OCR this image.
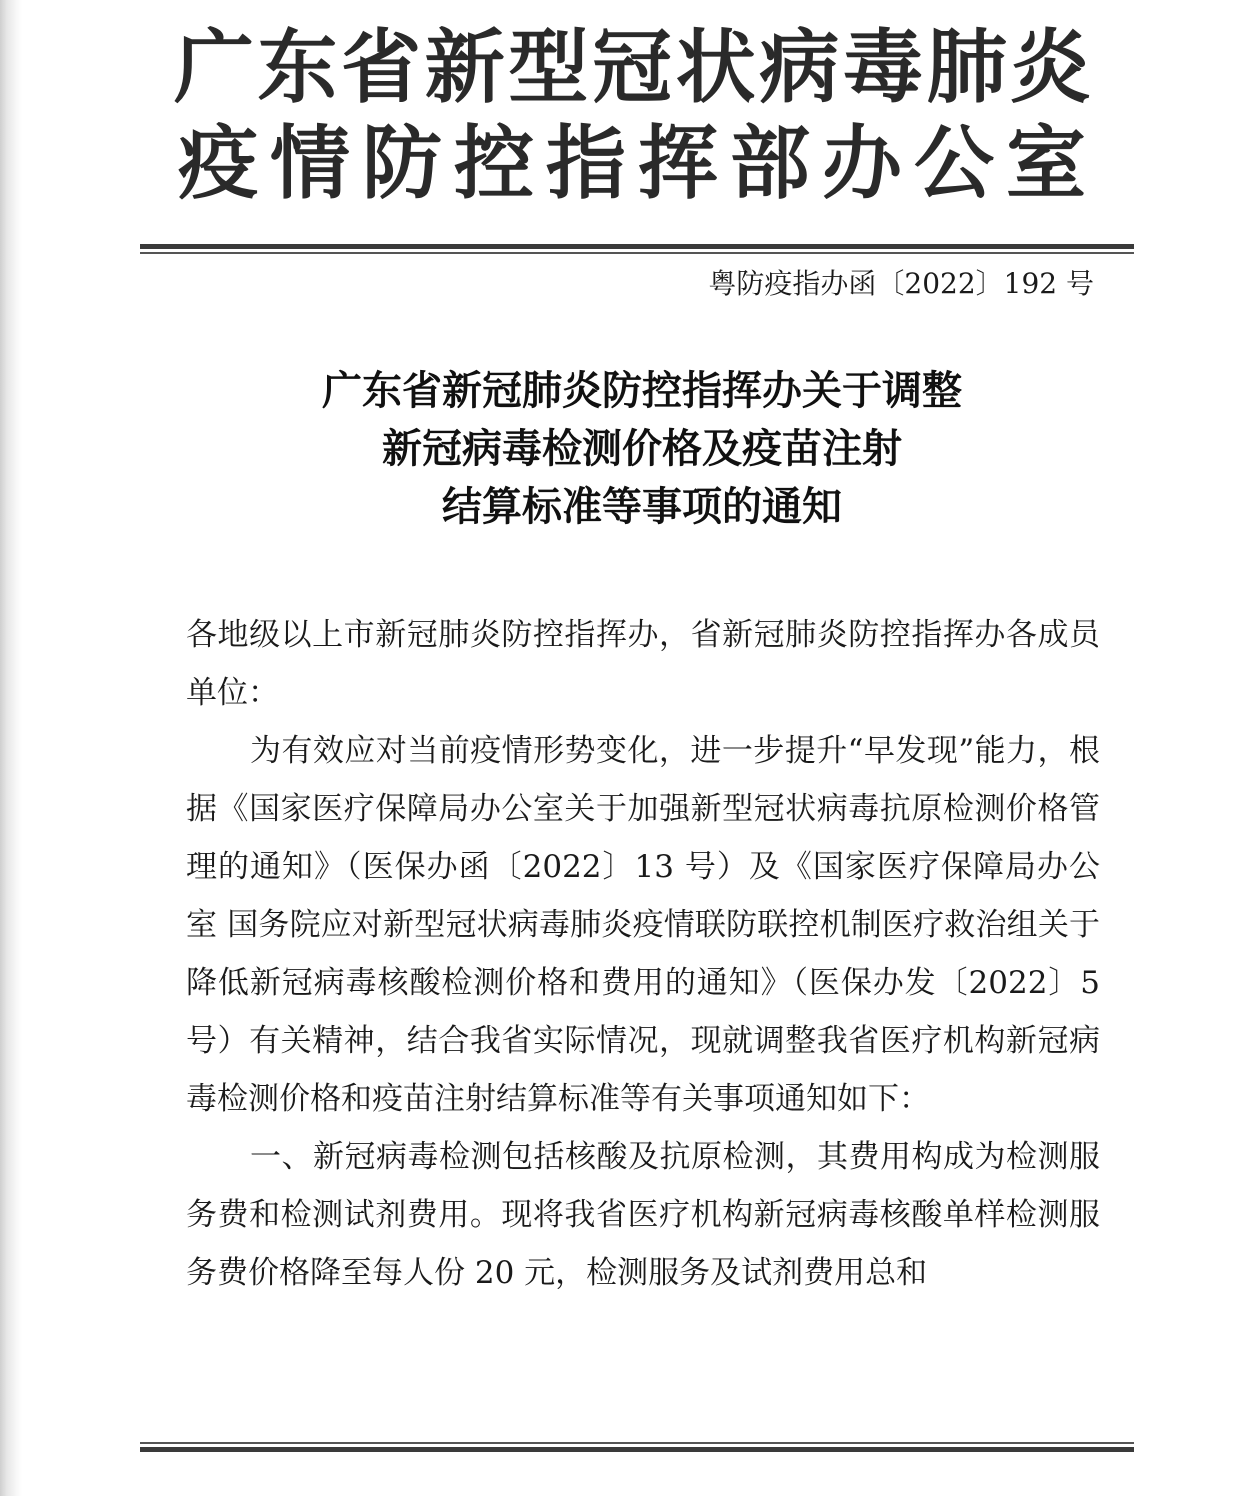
广 东 省 新 型 冠 状 病 毒 肺 炎
疫 情 防 控 指 挥 部 办 公 室
粤防疫指办函〔2022〕192 号
广东省新冠肺炎防控指挥办关于调整
新冠病毒检测价格及疫苗注射
结算标准等事项的通知

各地级以上市新冠肺炎防控指挥办，省新冠肺炎防控指挥办各成员单位：

为有效应对当前疫情形势变化，进一步提升“早发现”能力，根据《国家医疗保障局办公室关于加强新型冠状病毒抗原检测价格管理的通知》（医保办函〔2022〕13 号）及《国家医疗保障局办公室 国务院应对新型冠状病毒肺炎疫情联防联控机制医疗救治组关于降低新冠病毒核酸检测价格和费用的通知》（医保办发〔2022〕5 号）有关精神，结合我省实际情况，现就调整我省医疗机构新冠病毒检测价格和疫苗注射结算标准等有关事项通知如下：

一、新冠病毒检测包括核酸及抗原检测，其费用构成为检测服务费和检测试剂费用。现将我省医疗机构新冠病毒核酸单样检测服务费价格降至每人份 20 元，检测服务及试剂费用总和
